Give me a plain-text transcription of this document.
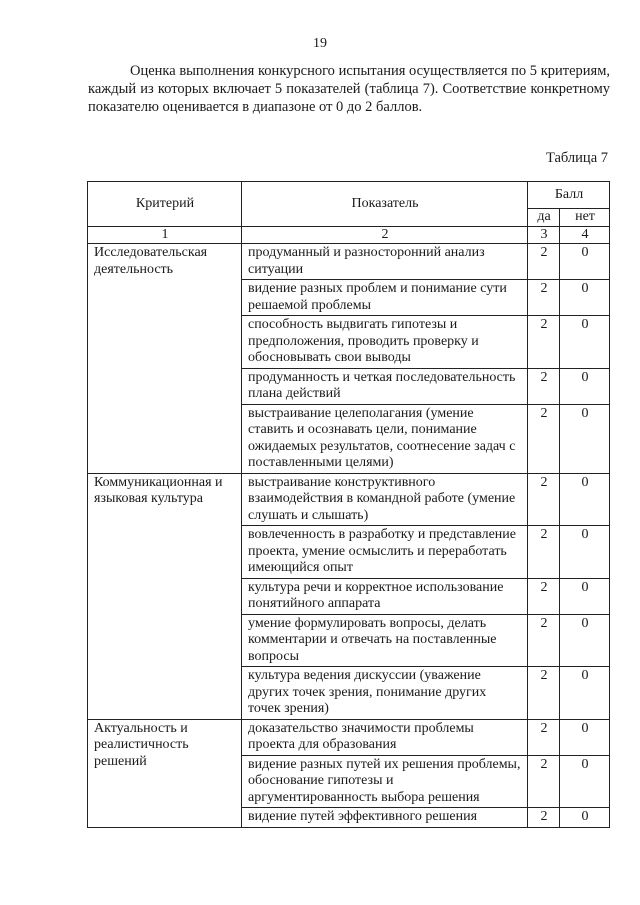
19

Оценка выполнения конкурсного испытания осуществляется по 5 критериям, каждый из которых включает 5 показателей (таблица 7). Соответствие конкретному показателю оценивается в диапазоне от 0 до 2 баллов.

Таблица 7
Критерий	Показатель	Балл	
		да	нет
1	2	3	4
Исследовательская деятельность	продуманный и разносторонний анализ ситуации	2	0
	видение разных проблем и понимание сути решаемой проблемы	2	0
	способность выдвигать гипотезы и предположения, проводить проверку и обосновывать свои выводы	2	0
	продуманность и четкая последовательность плана действий	2	0
	выстраивание целеполагания (умение ставить и осознавать цели, понимание ожидаемых результатов, соотнесение задач с поставленными целями)	2	0
Коммуникационная и языковая культура	выстраивание конструктивного взаимодействия в командной работе (умение слушать и слышать)	2	0
	вовлеченность в разработку и представление проекта, умение осмыслить и переработать имеющийся опыт	2	0
	культура речи и корректное использование понятийного аппарата	2	0
	умение формулировать вопросы, делать комментарии и отвечать на поставленные вопросы	2	0
	культура ведения дискуссии (уважение других точек зрения, понимание других точек зрения)	2	0
Актуальность и реалистичность решений	доказательство значимости проблемы проекта для образования	2	0
	видение разных путей их решения проблемы, обоснование гипотезы и аргументированность выбора решения	2	0
	видение путей эффективного решения	2	0
